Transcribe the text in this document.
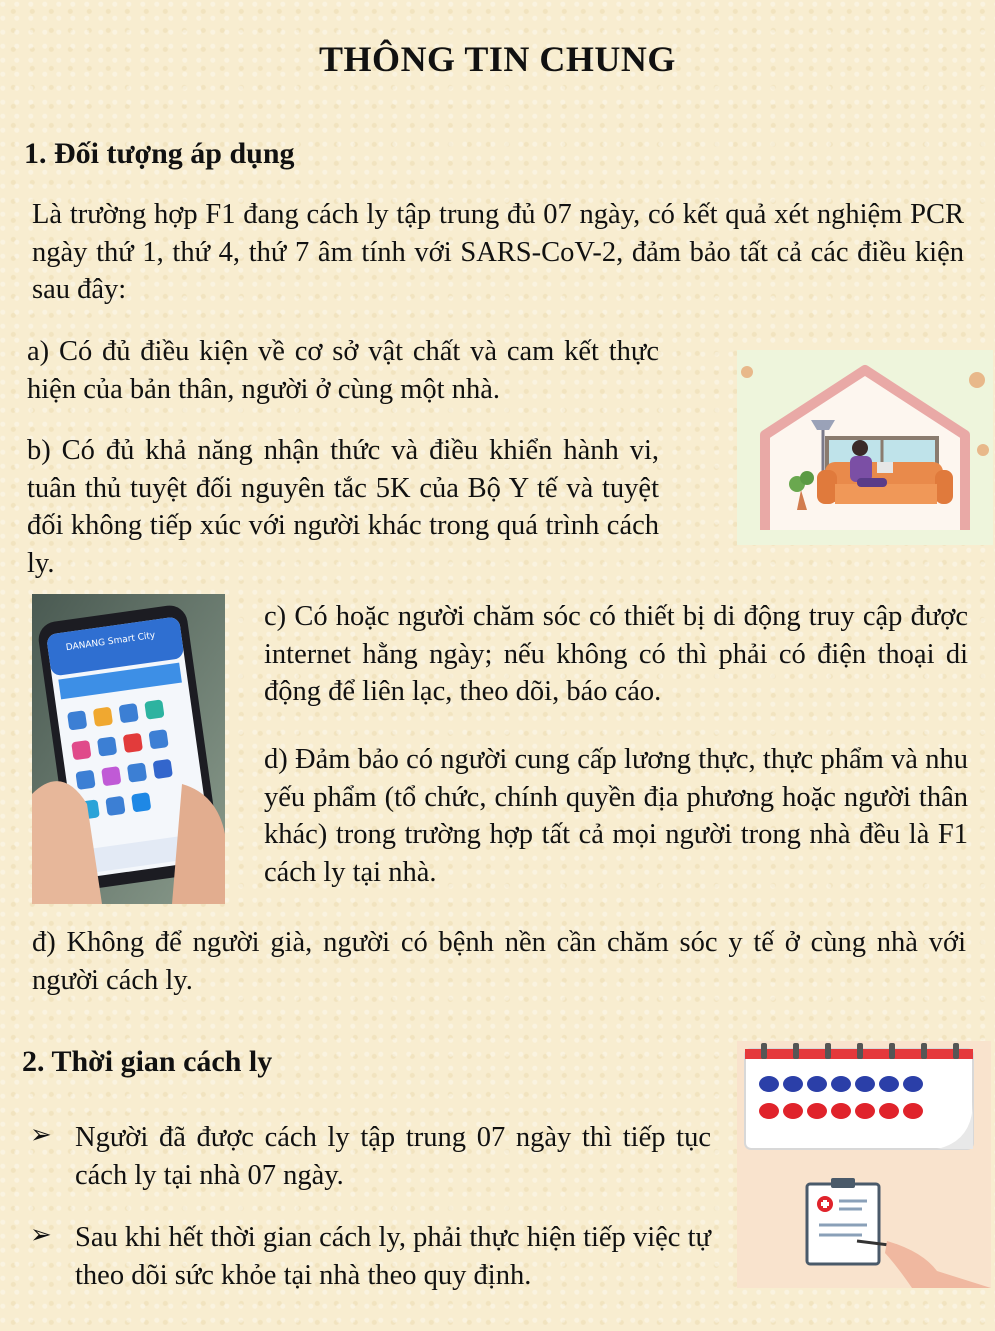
THÔNG TIN CHUNG
1. Đối tượng áp dụng
Là trường hợp F1 đang cách ly tập trung đủ 07 ngày, có kết quả xét nghiệm PCR ngày thứ 1, thứ 4, thứ 7 âm tính với SARS-CoV-2, đảm bảo tất cả các điều kiện sau đây:
a) Có đủ điều kiện về cơ sở vật chất và cam kết thực hiện của bản thân, người ở cùng một nhà.
b) Có đủ khả năng nhận thức và điều khiển hành vi, tuân thủ tuyệt đối nguyên tắc 5K của Bộ Y tế và tuyệt đối không tiếp xúc với người khác trong quá trình cách ly.
c) Có hoặc người chăm sóc có thiết bị di động truy cập được internet hằng ngày; nếu không có thì phải có điện thoại di động để liên lạc, theo dõi, báo cáo.
d) Đảm bảo có người cung cấp lương thực, thực phẩm và nhu yếu phẩm (tổ chức, chính quyền địa phương hoặc người thân khác) trong trường hợp tất cả mọi người trong nhà đều là F1 cách ly tại nhà.
đ) Không để người già, người có bệnh nền cần chăm sóc y tế ở cùng nhà với người cách ly.
2. Thời gian cách ly
➢ Người đã được cách ly tập trung 07 ngày thì tiếp tục cách ly tại nhà 07 ngày.
➢ Sau khi hết thời gian cách ly, phải thực hiện tiếp việc tự theo dõi sức khỏe tại nhà theo quy định.
DANANG Smart City
